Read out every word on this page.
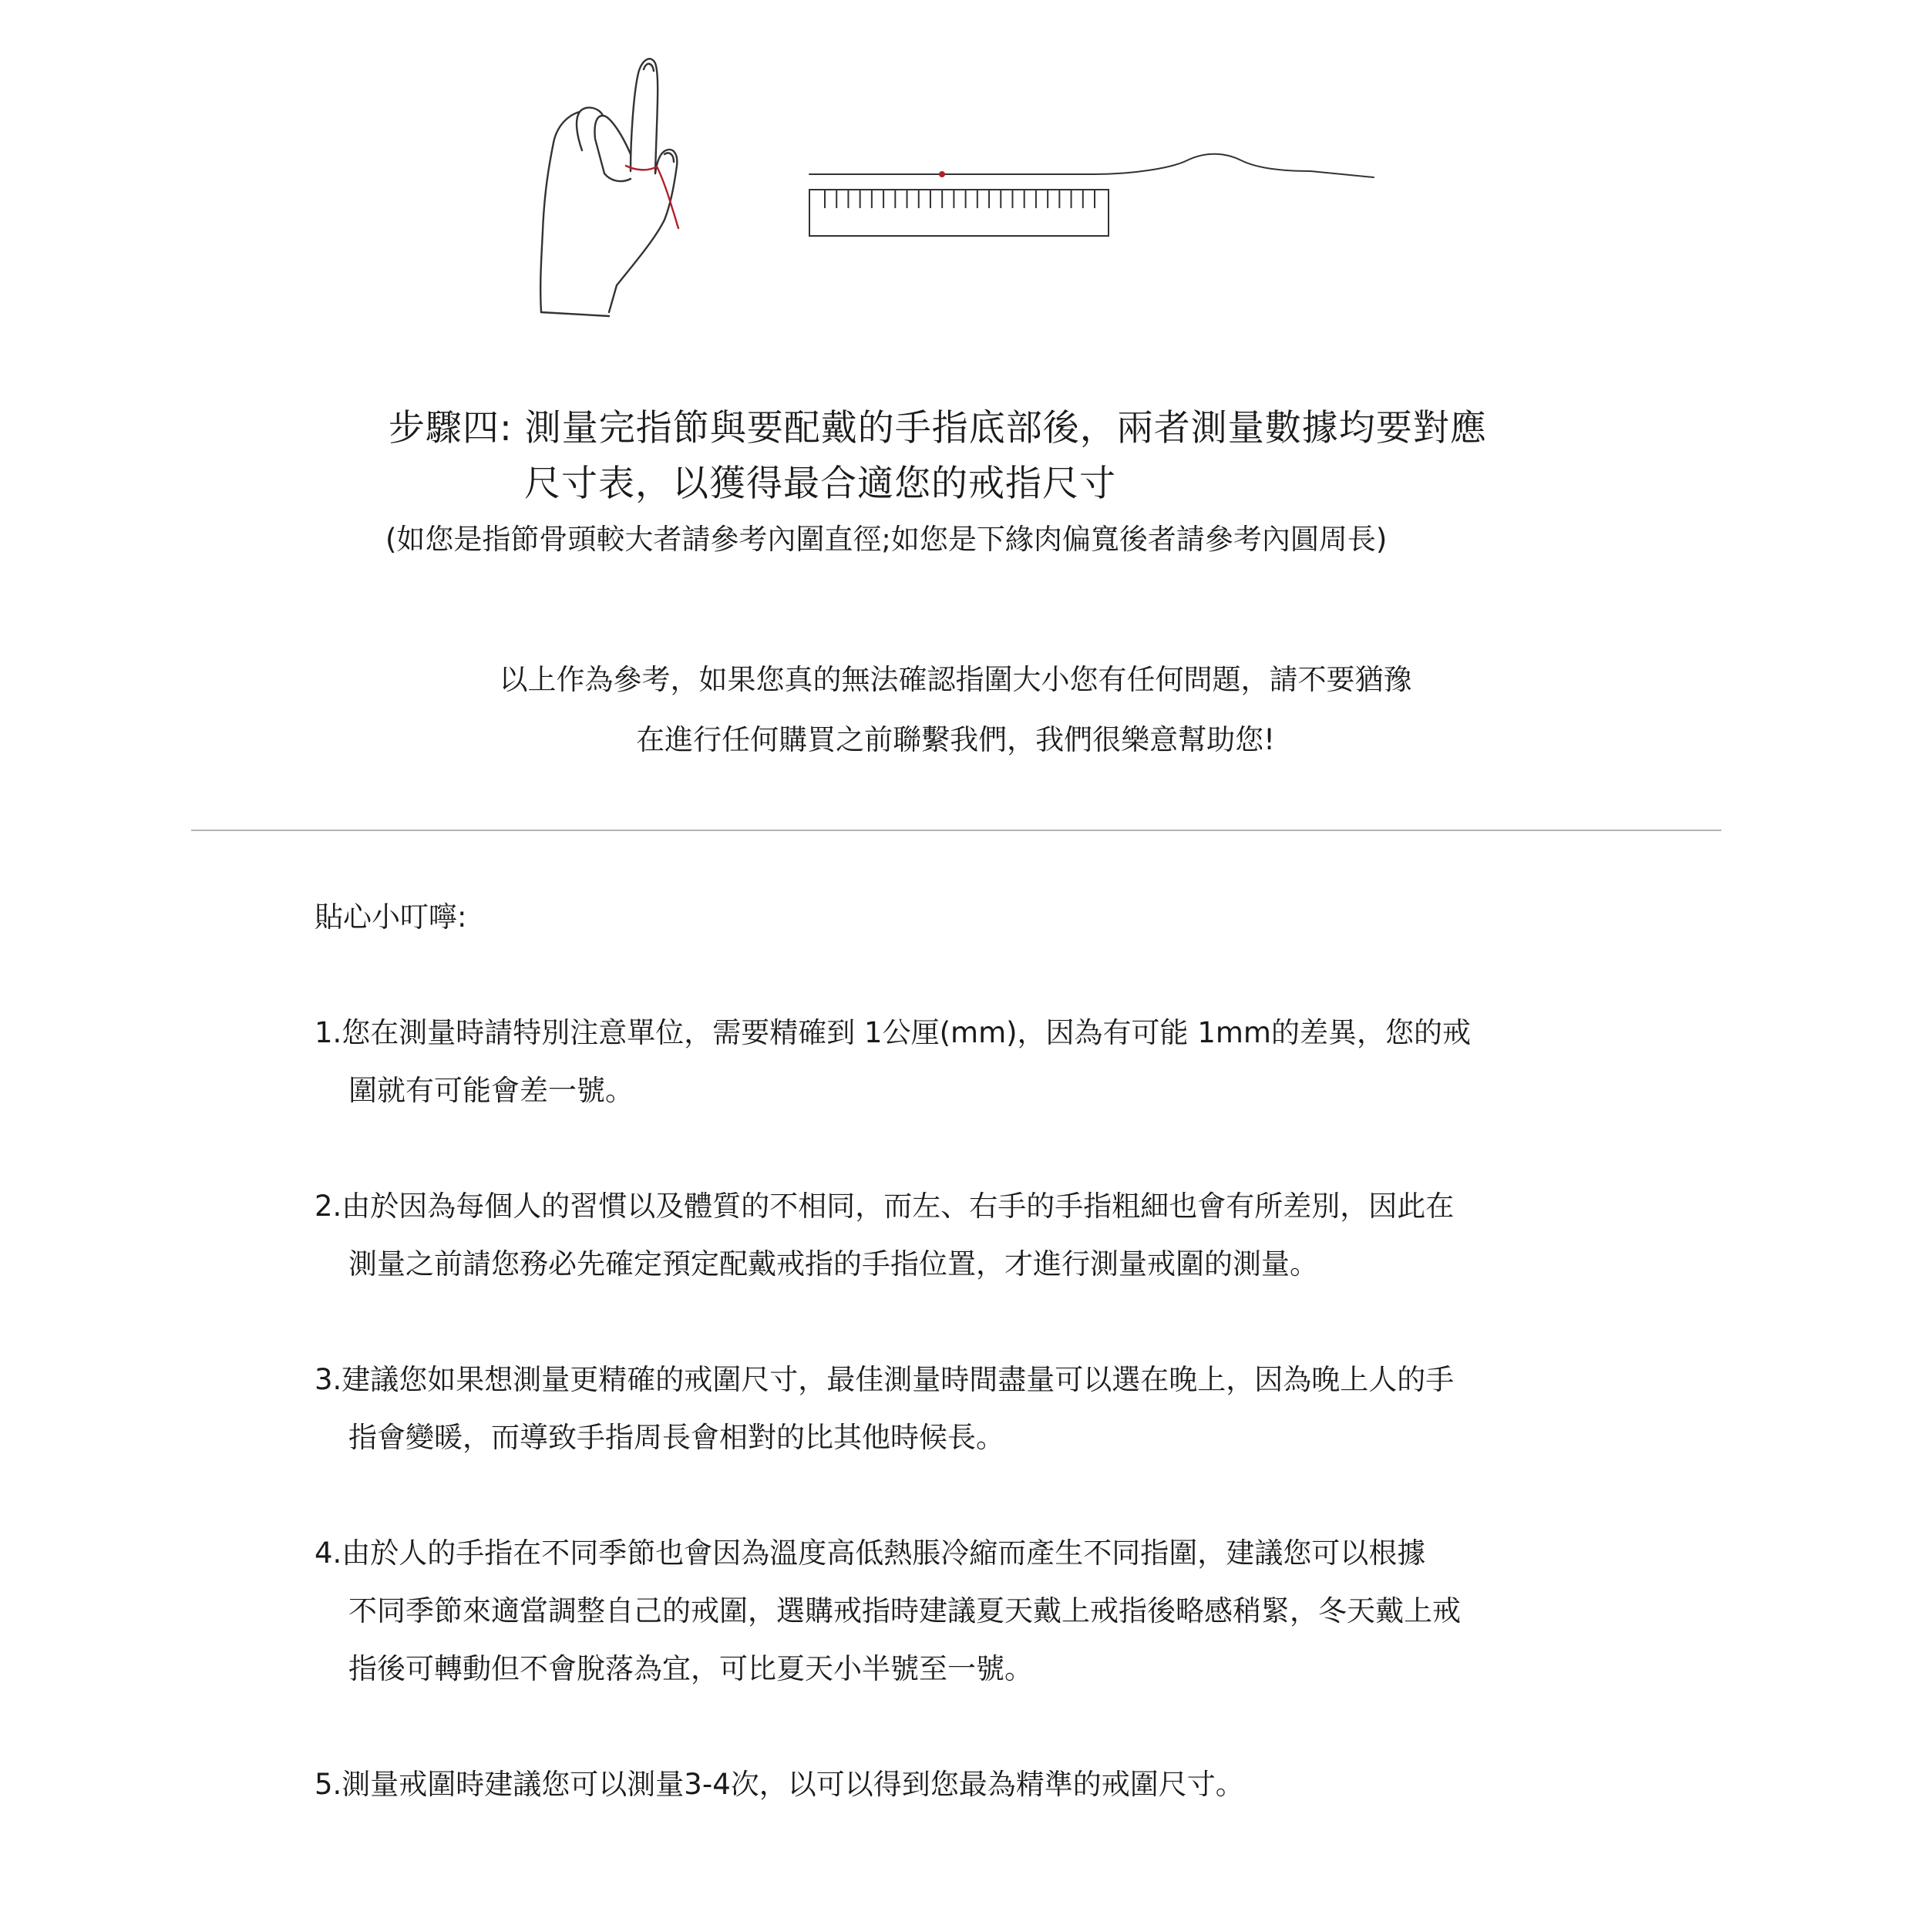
步驟四: 測量完指節與要配戴的手指底部後，兩者測量數據均要對應
尺寸表，以獲得最合適您的戒指尺寸
(如您是指節骨頭較大者請參考內圍直徑;如您是下緣肉偏寬後者請參考內圓周長)
以上作為參考，如果您真的無法確認指圍大小您有任何問題，請不要猶豫
在進行任何購買之前聯繫我們，我們很樂意幫助您!
貼心小叮嚀:
1.您在測量時請特別注意單位，需要精確到 1公厘(mm)，因為有可能 1mm的差異，您的戒
圍就有可能會差一號。
2.由於因為每個人的習慣以及體質的不相同，而左、右手的手指粗細也會有所差別，因此在
測量之前請您務必先確定預定配戴戒指的手指位置，才進行測量戒圍的測量。
3.建議您如果想測量更精確的戒圍尺寸，最佳測量時間盡量可以選在晚上，因為晚上人的手
指會變暖，而導致手指周長會相對的比其他時候長。
4.由於人的手指在不同季節也會因為溫度高低熱脹冷縮而產生不同指圍，建議您可以根據
不同季節來適當調整自己的戒圍，選購戒指時建議夏天戴上戒指後略感稍緊，冬天戴上戒
指後可轉動但不會脫落為宜，可比夏天小半號至一號。
5.測量戒圍時建議您可以測量3-4次，以可以得到您最為精準的戒圍尺寸。
